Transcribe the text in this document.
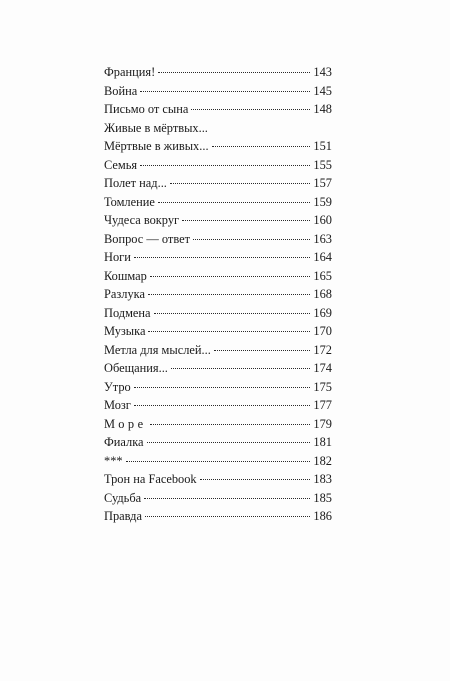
Франция!	143
Война	145
Письмо от сына	148
Живые в мёртвых...
Мёртвые в живых...	151
Семья	155
Полет над...	157
Томление	159
Чудеса вокруг	160
Вопрос — ответ	163
Ноги	164
Кошмар	165
Разлука	168
Подмена	169
Музыка	170
Метла для мыслей...	172
Обещания...	174
Утро	175
Мозг	177
Море	179
Фиалка	181
***	182
Трон на Facebook	183
Судьба	185
Правда	186
